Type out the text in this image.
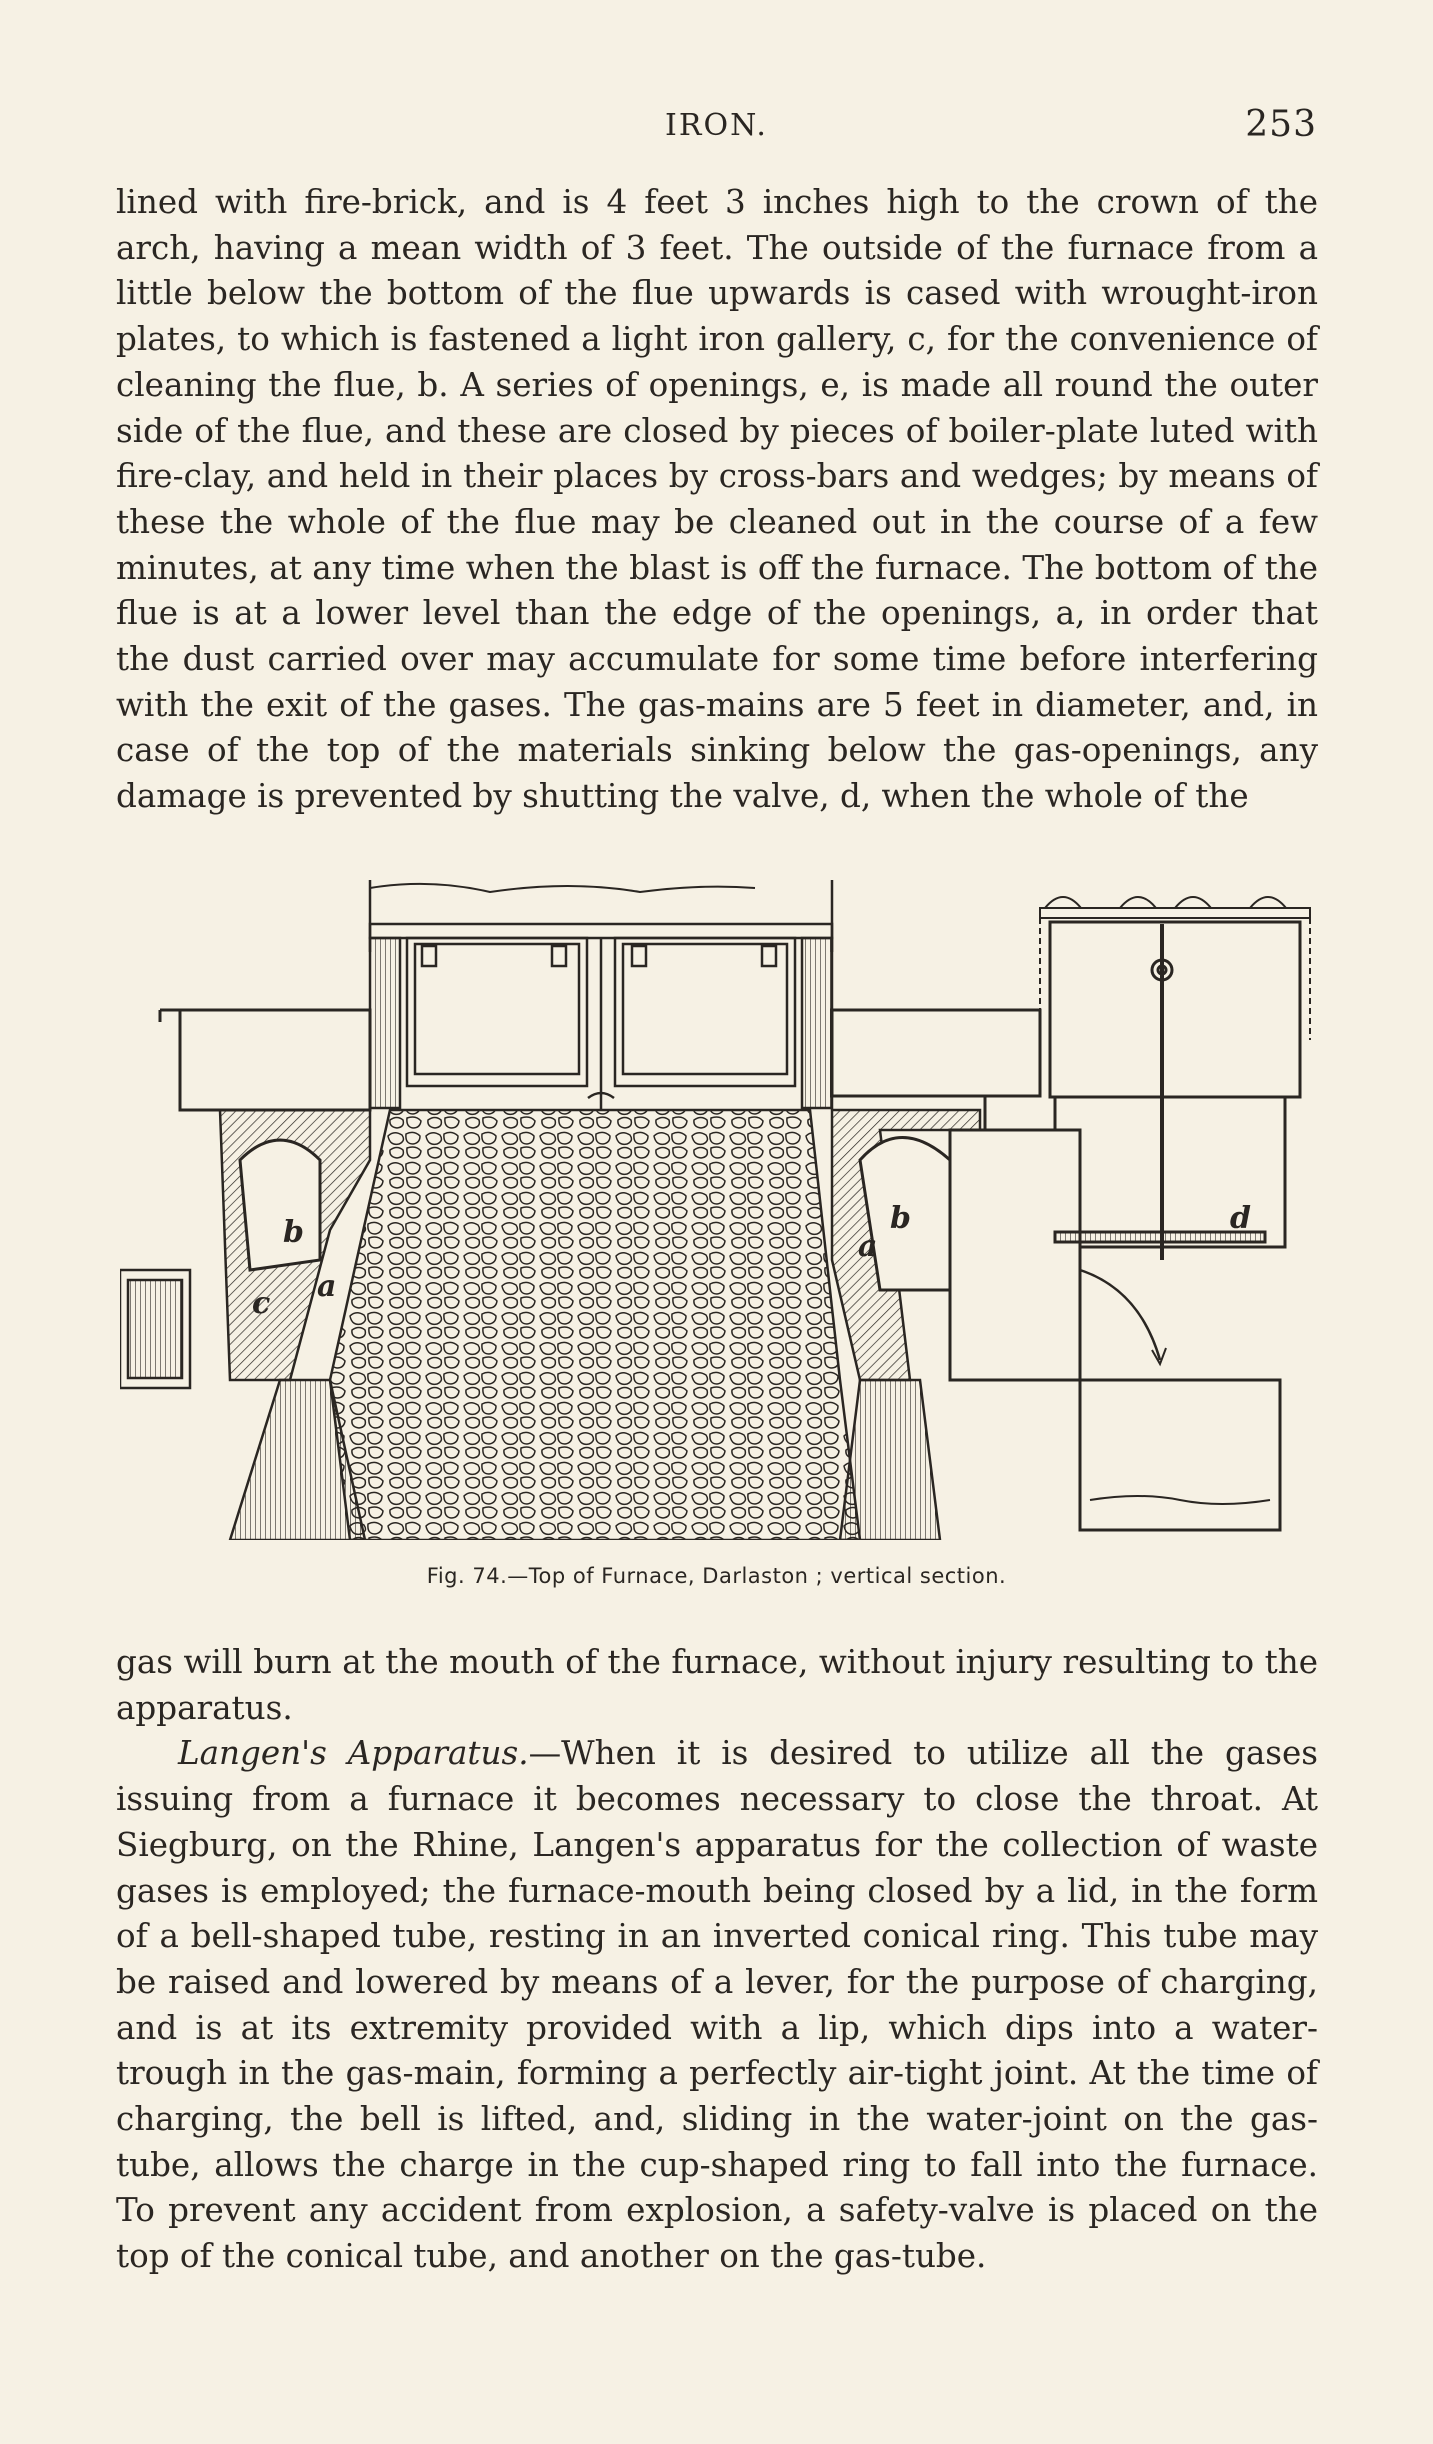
IRON.	253

lined with fire-brick, and is 4 feet 3 inches high to the crown of the arch, having a mean width of 3 feet. The outside of the furnace from a little below the bottom of the flue upwards is cased with wrought-iron plates, to which is fastened a light iron gallery, c, for the convenience of cleaning the flue, b. A series of openings, e, is made all round the outer side of the flue, and these are closed by pieces of boiler-plate luted with fire-clay, and held in their places by cross-bars and wedges; by means of these the whole of the flue may be cleaned out in the course of a few minutes, at any time when the blast is off the furnace. The bottom of the flue is at a lower level than the edge of the openings, a, in order that the dust carried over may accumulate for some time before interfering with the exit of the gases. The gas-mains are 5 feet in diameter, and, in case of the top of the materials sinking below the gas-openings, any damage is prevented by shutting the valve, d, when the whole of the

b
c a
b
a
d
Fig. 74.—Top of Furnace, Darlaston ; vertical section.

gas will burn at the mouth of the furnace, without injury resulting to the apparatus.

Langen's Apparatus.—When it is desired to utilize all the gases issuing from a furnace it becomes necessary to close the throat. At Siegburg, on the Rhine, Langen's apparatus for the collection of waste gases is employed; the furnace-mouth being closed by a lid, in the form of a bell-shaped tube, resting in an inverted conical ring. This tube may be raised and lowered by means of a lever, for the purpose of charging, and is at its extremity provided with a lip, which dips into a water-trough in the gas-main, forming a perfectly air-tight joint. At the time of charging, the bell is lifted, and, sliding in the water-joint on the gas-tube, allows the charge in the cup-shaped ring to fall into the furnace. To prevent any accident from explosion, a safety-valve is placed on the top of the conical tube, and another on the gas-tube.
